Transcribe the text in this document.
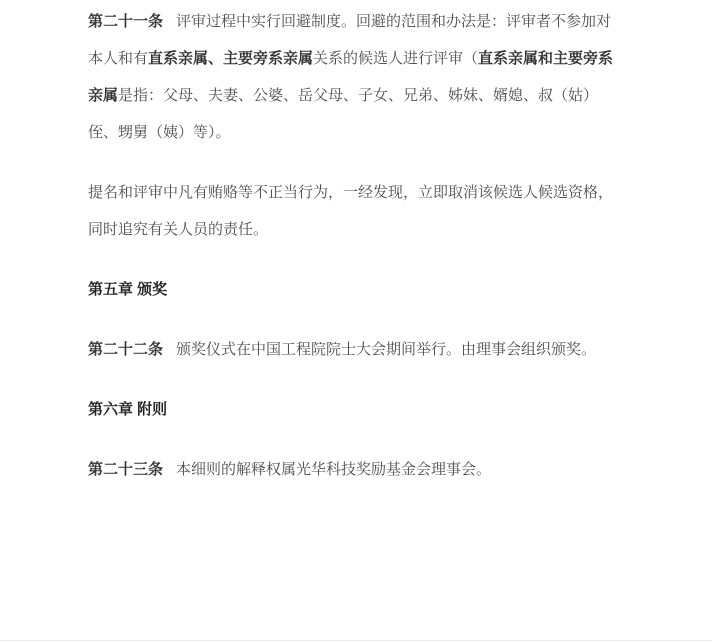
第二十一条 评审过程中实行回避制度。回避的范围和办法是：评审者不参加对本人和有直系亲属、主要旁系亲属关系的候选人进行评审（直系亲属和主要旁系亲属是指：父母、夫妻、公婆、岳父母、子女、兄弟、姊妹、婿媳、叔（姑）侄、甥舅（姨）等）。

提名和评审中凡有贿赂等不正当行为，一经发现，立即取消该候选人候选资格，同时追究有关人员的责任。

第五章 颁奖

第二十二条 颁奖仪式在中国工程院院士大会期间举行。由理事会组织颁奖。

第六章 附则

第二十三条 本细则的解释权属光华科技奖励基金会理事会。
